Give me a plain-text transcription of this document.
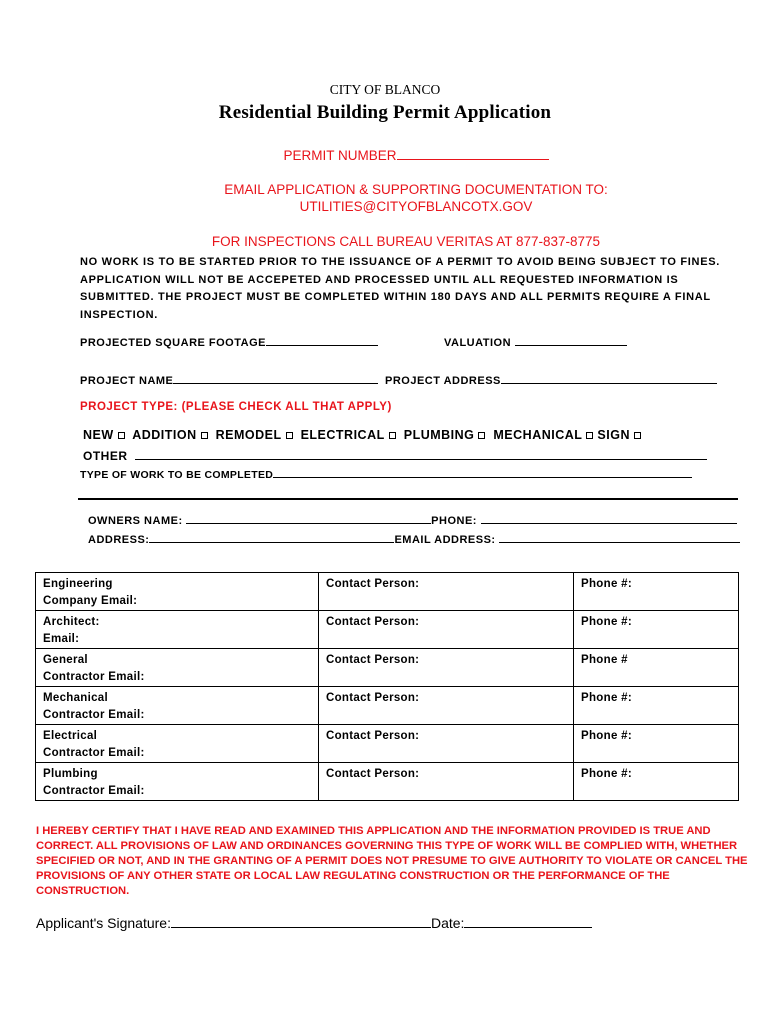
CITY OF BLANCO
Residential Building Permit Application
PERMIT NUMBER
EMAIL APPLICATION & SUPPORTING DOCUMENTATION TO:
UTILITIES@CITYOFBLANCOTX.GOV
FOR INSPECTIONS CALL BUREAU VERITAS AT 877-837-8775
NO WORK IS TO BE STARTED PRIOR TO THE ISSUANCE OF A PERMIT TO AVOID BEING SUBJECT TO FINES. APPLICATION WILL NOT BE ACCEPETED AND PROCESSED UNTIL ALL REQUESTED INFORMATION IS SUBMITTED. THE PROJECT MUST BE COMPLETED WITHIN 180 DAYS AND ALL PERMITS REQUIRE A FINAL INSPECTION.
PROJECTED SQUARE FOOTAGE	VALUATION
PROJECT NAME	PROJECT ADDRESS
PROJECT TYPE: (PLEASE CHECK ALL THAT APPLY)
NEW ADDITION REMODEL ELECTRICAL PLUMBING MECHANICAL SIGN
OTHER
TYPE OF WORK TO BE COMPLETED
OWNERS NAME:	PHONE:
ADDRESS:	EMAIL ADDRESS:
Engineering
Company Email:	Contact Person:	Phone #:
Architect:
Email:	Contact Person:	Phone #:
General
Contractor Email:	Contact Person:	Phone #
Mechanical
Contractor Email:	Contact Person:	Phone #:
Electrical
Contractor Email:	Contact Person:	Phone #:
Plumbing
Contractor Email:	Contact Person:	Phone #:
I HEREBY CERTIFY THAT I HAVE READ AND EXAMINED THIS APPLICATION AND THE INFORMATION PROVIDED IS TRUE AND CORRECT. ALL PROVISIONS OF LAW AND ORDINANCES GOVERNING THIS TYPE OF WORK WILL BE COMPLIED WITH, WHETHER SPECIFIED OR NOT, AND IN THE GRANTING OF A PERMIT DOES NOT PRESUME TO GIVE AUTHORITY TO VIOLATE OR CANCEL THE PROVISIONS OF ANY OTHER STATE OR LOCAL LAW REGULATING CONSTRUCTION OR THE PERFORMANCE OF THE CONSTRUCTION.
Applicant's Signature:	Date:
